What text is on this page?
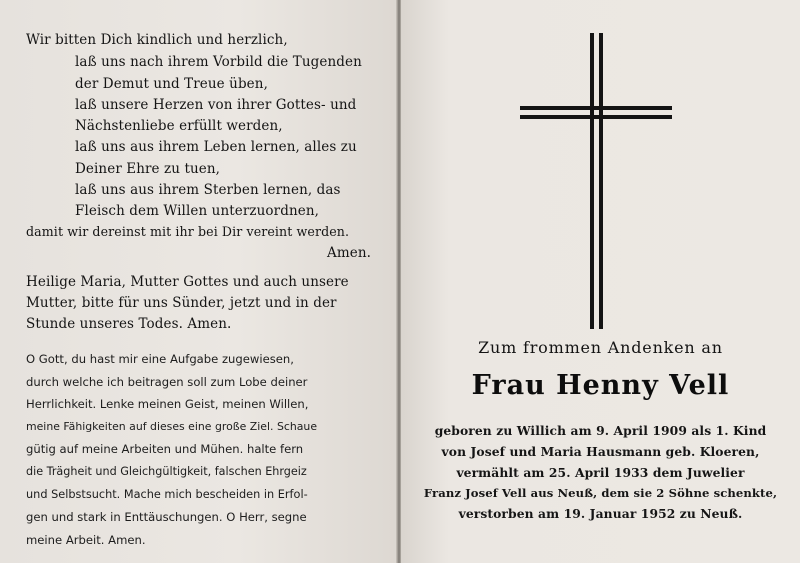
Wir bitten Dich kindlich und herzlich,
laß uns nach ihrem Vorbild die Tugenden
der Demut und Treue üben,
laß unsere Herzen von ihrer Gottes- und
Nächstenliebe erfüllt werden,
laß uns aus ihrem Leben lernen, alles zu
Deiner Ehre zu tuen,
laß uns aus ihrem Sterben lernen, das
Fleisch dem Willen unterzuordnen,
damit wir dereinst mit ihr bei Dir vereint werden.
Amen.
Heilige Maria, Mutter Gottes und auch unsere
Mutter, bitte für uns Sünder, jetzt und in der
Stunde unseres Todes. Amen.
O Gott, du hast mir eine Aufgabe zugewiesen,
durch welche ich beitragen soll zum Lobe deiner
Herrlichkeit. Lenke meinen Geist, meinen Willen,
meine Fähigkeiten auf dieses eine große Ziel. Schaue
gütig auf meine Arbeiten und Mühen. halte fern
die Trägheit und Gleichgültigkeit, falschen Ehrgeiz
und Selbstsucht. Mache mich bescheiden in Erfol-
gen und stark in Enttäuschungen. O Herr, segne
meine Arbeit. Amen.
Zum frommen Andenken an
Frau Henny Vell
geboren zu Willich am 9. April 1909 als 1. Kind
von Josef und Maria Hausmann geb. Kloeren,
vermählt am 25. April 1933 dem Juwelier
Franz Josef Vell aus Neuß, dem sie 2 Söhne schenkte,
verstorben am 19. Januar 1952 zu Neuß.
